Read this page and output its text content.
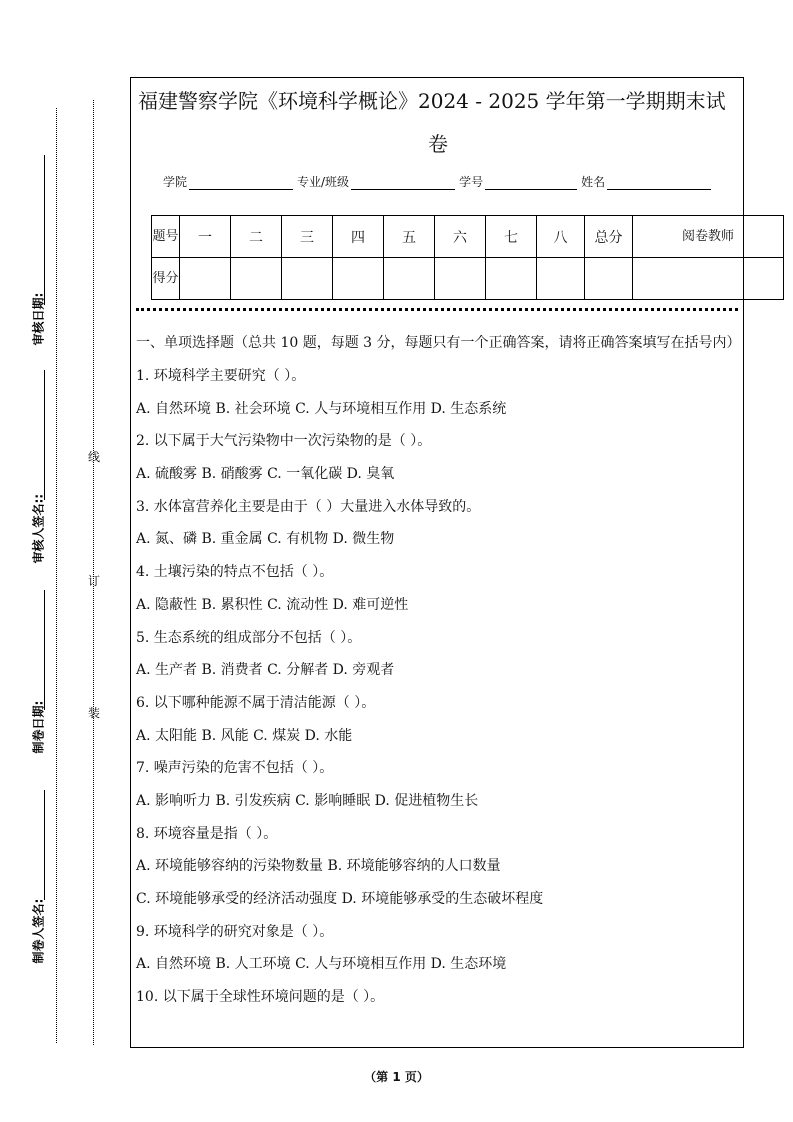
审核日期:
审核人签名::
制卷日期:
制卷人签名:
线
订
装
福建警察学院《环境科学概论》2024 - 2025 学年第一学期期末试
卷
学院	专业/班级	学号	姓名
题号	一	二	三	四	五	六	七	八	总分	阅卷教师
得分										
一、单项选择题（总共 10 题，每题 3 分，每题只有一个正确答案，请将正确答案填写在括号内）
1. 环境科学主要研究（ ）。
A. 自然环境 B. 社会环境 C. 人与环境相互作用 D. 生态系统
2. 以下属于大气污染物中一次污染物的是（ ）。
A. 硫酸雾 B. 硝酸雾 C. 一氧化碳 D. 臭氧
3. 水体富营养化主要是由于（ ）大量进入水体导致的。
A. 氮、磷 B. 重金属 C. 有机物 D. 微生物
4. 土壤污染的特点不包括（ ）。
A. 隐蔽性 B. 累积性 C. 流动性 D. 难可逆性
5. 生态系统的组成部分不包括（ ）。
A. 生产者 B. 消费者 C. 分解者 D. 旁观者
6. 以下哪种能源不属于清洁能源（ ）。
A. 太阳能 B. 风能 C. 煤炭 D. 水能
7. 噪声污染的危害不包括（ ）。
A. 影响听力 B. 引发疾病 C. 影响睡眠 D. 促进植物生长
8. 环境容量是指（ ）。
A. 环境能够容纳的污染物数量 B. 环境能够容纳的人口数量
C. 环境能够承受的经济活动强度 D. 环境能够承受的生态破坏程度
9. 环境科学的研究对象是（ ）。
A. 自然环境 B. 人工环境 C. 人与环境相互作用 D. 生态环境
10. 以下属于全球性环境问题的是（ ）。
（第 1 页）
